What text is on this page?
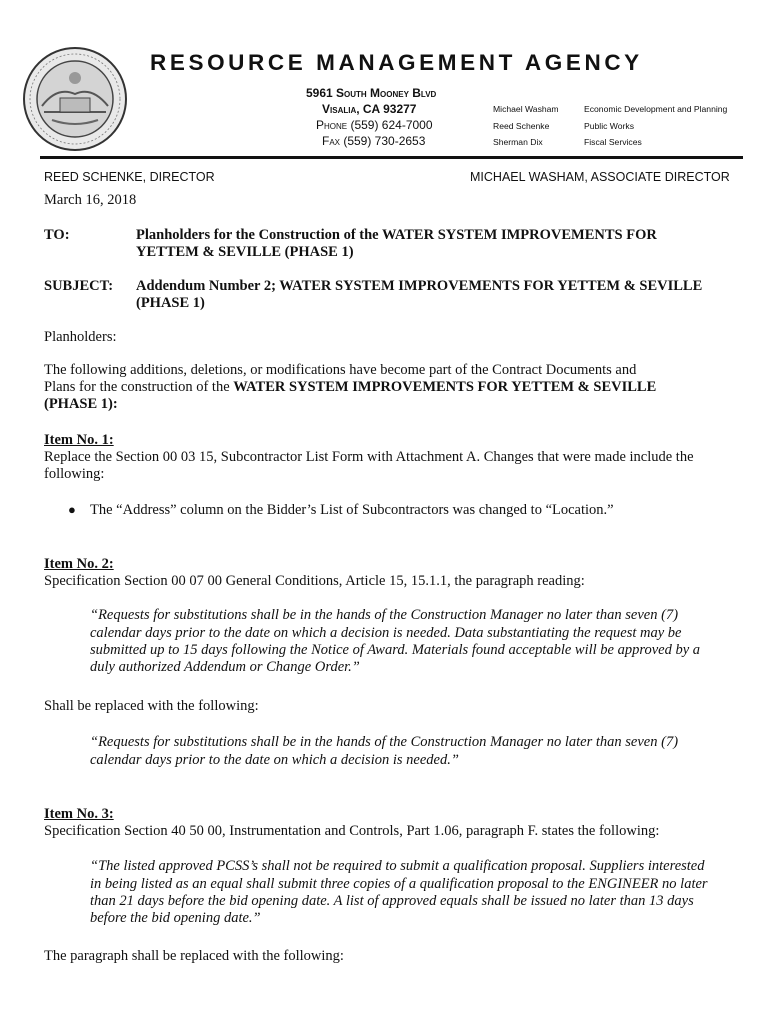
RESOURCE MANAGEMENT AGENCY
5961 South Mooney Blvd
Visalia, CA 93277
Phone (559) 624-7000
Fax (559) 730-2653
Michael Washam	Economic Development and Planning
Reed Schenke	Public Works
Sherman Dix	Fiscal Services
REED SCHENKE, DIRECTOR	MICHAEL WASHAM, ASSOCIATE DIRECTOR
March 16, 2018
TO:	Planholders for the Construction of the WATER SYSTEM IMPROVEMENTS FOR
YETTEM & SEVILLE (PHASE 1)
SUBJECT: Addendum Number 2; WATER SYSTEM IMPROVEMENTS FOR YETTEM & SEVILLE
(PHASE 1)
Planholders:
The following additions, deletions, or modifications have become part of the Contract Documents and
Plans for the construction of the WATER SYSTEM IMPROVEMENTS FOR YETTEM & SEVILLE
(PHASE 1):
Item No. 1:
Replace the Section 00 03 15, Subcontractor List Form with Attachment A. Changes that were made include the
following:
● The “Address” column on the Bidder’s List of Subcontractors was changed to “Location.”
Item No. 2:
Specification Section 00 07 00 General Conditions, Article 15, 15.1.1, the paragraph reading:
“Requests for substitutions shall be in the hands of the Construction Manager no later than seven (7)
calendar days prior to the date on which a decision is needed. Data substantiating the request may be
submitted up to 15 days following the Notice of Award. Materials found acceptable will be approved by a
duly authorized Addendum or Change Order.”
Shall be replaced with the following:
“Requests for substitutions shall be in the hands of the Construction Manager no later than seven (7)
calendar days prior to the date on which a decision is needed.”
Item No. 3:
Specification Section 40 50 00, Instrumentation and Controls, Part 1.06, paragraph F. states the following:
“The listed approved PCSS’s shall not be required to submit a qualification proposal. Suppliers interested
in being listed as an equal shall submit three copies of a qualification proposal to the ENGINEER no later
than 21 days before the bid opening date. A list of approved equals shall be issued no later than 13 days
before the bid opening date.”
The paragraph shall be replaced with the following:
